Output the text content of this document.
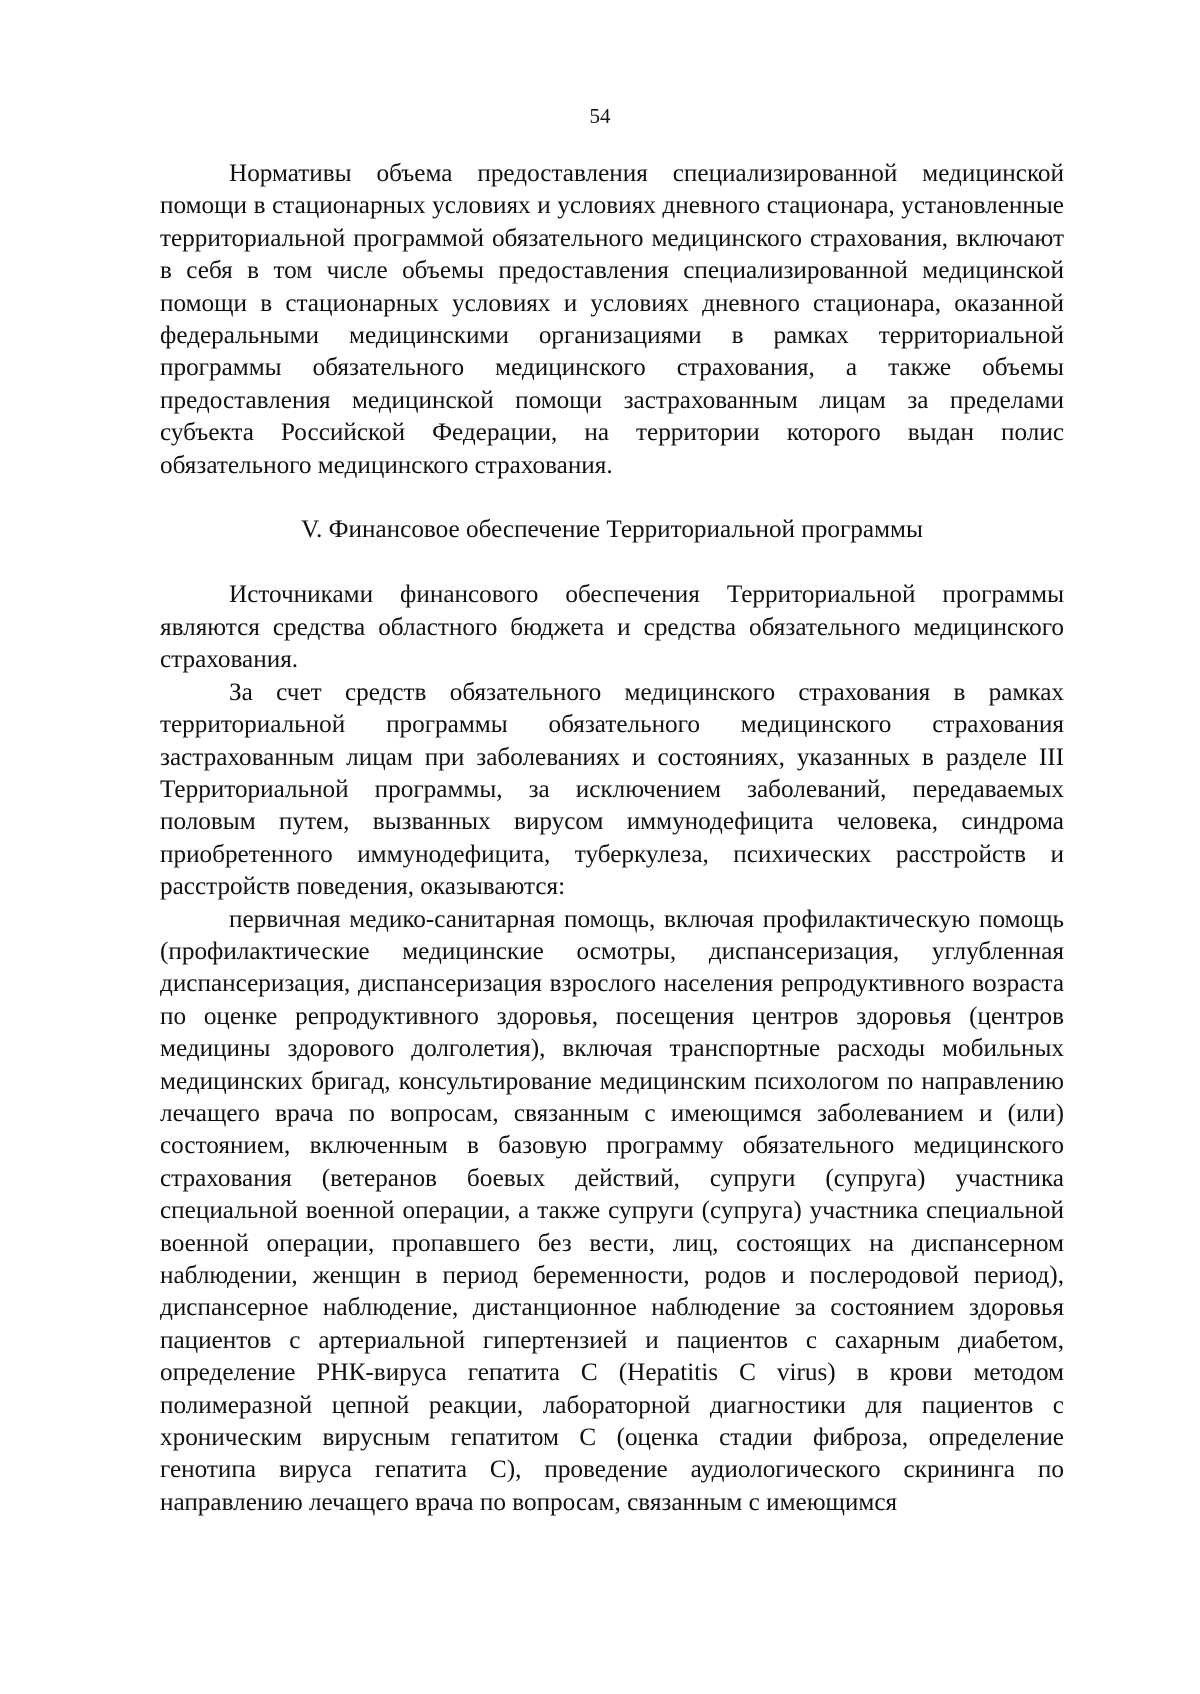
54

Нормативы объема предоставления специализированной медицинской помощи в стационарных условиях и условиях дневного стационара, установленные территориальной программой обязательного медицинского страхования, включают в себя в том числе объемы предоставления специализированной медицинской помощи в стационарных условиях и условиях дневного стационара, оказанной федеральными медицинскими организациями в рамках территориальной программы обязательного медицинского страхования, а также объемы предоставления медицинской помощи застрахованным лицам за пределами субъекта Российской Федерации, на территории которого выдан полис обязательного медицинского страхования.

V. Финансовое обеспечение Территориальной программы

Источниками финансового обеспечения Территориальной программы являются средства областного бюджета и средства обязательного медицинского страхования.

За счет средств обязательного медицинского страхования в рамках территориальной программы обязательного медицинского страхования застрахованным лицам при заболеваниях и состояниях, указанных в разделе III Территориальной программы, за исключением заболеваний, передаваемых половым путем, вызванных вирусом иммунодефицита человека, синдрома приобретенного иммунодефицита, туберкулеза, психических расстройств и расстройств поведения, оказываются:

первичная медико-санитарная помощь, включая профилактическую помощь (профилактические медицинские осмотры, диспансеризация, углубленная диспансеризация, диспансеризация взрослого населения репродуктивного возраста по оценке репродуктивного здоровья, посещения центров здоровья (центров медицины здорового долголетия), включая транспортные расходы мобильных медицинских бригад, консультирование медицинским психологом по направлению лечащего врача по вопросам, связанным с имеющимся заболеванием и (или) состоянием, включенным в базовую программу обязательного медицинского страхования (ветеранов боевых действий, супруги (супруга) участника специальной военной операции, а также супруги (супруга) участника специальной военной операции, пропавшего без вести, лиц, состоящих на диспансерном наблюдении, женщин в период беременности, родов и послеродовой период), диспансерное наблюдение, дистанционное наблюдение за состоянием здоровья пациентов с артериальной гипертензией и пациентов с сахарным диабетом, определение РНК-вируса гепатита С (Hepatitis C virus) в крови методом полимеразной цепной реакции, лабораторной диагностики для пациентов с хроническим вирусным гепатитом С (оценка стадии фиброза, определение генотипа вируса гепатита С), проведение аудиологического скрининга по направлению лечащего врача по вопросам, связанным с имеющимся
